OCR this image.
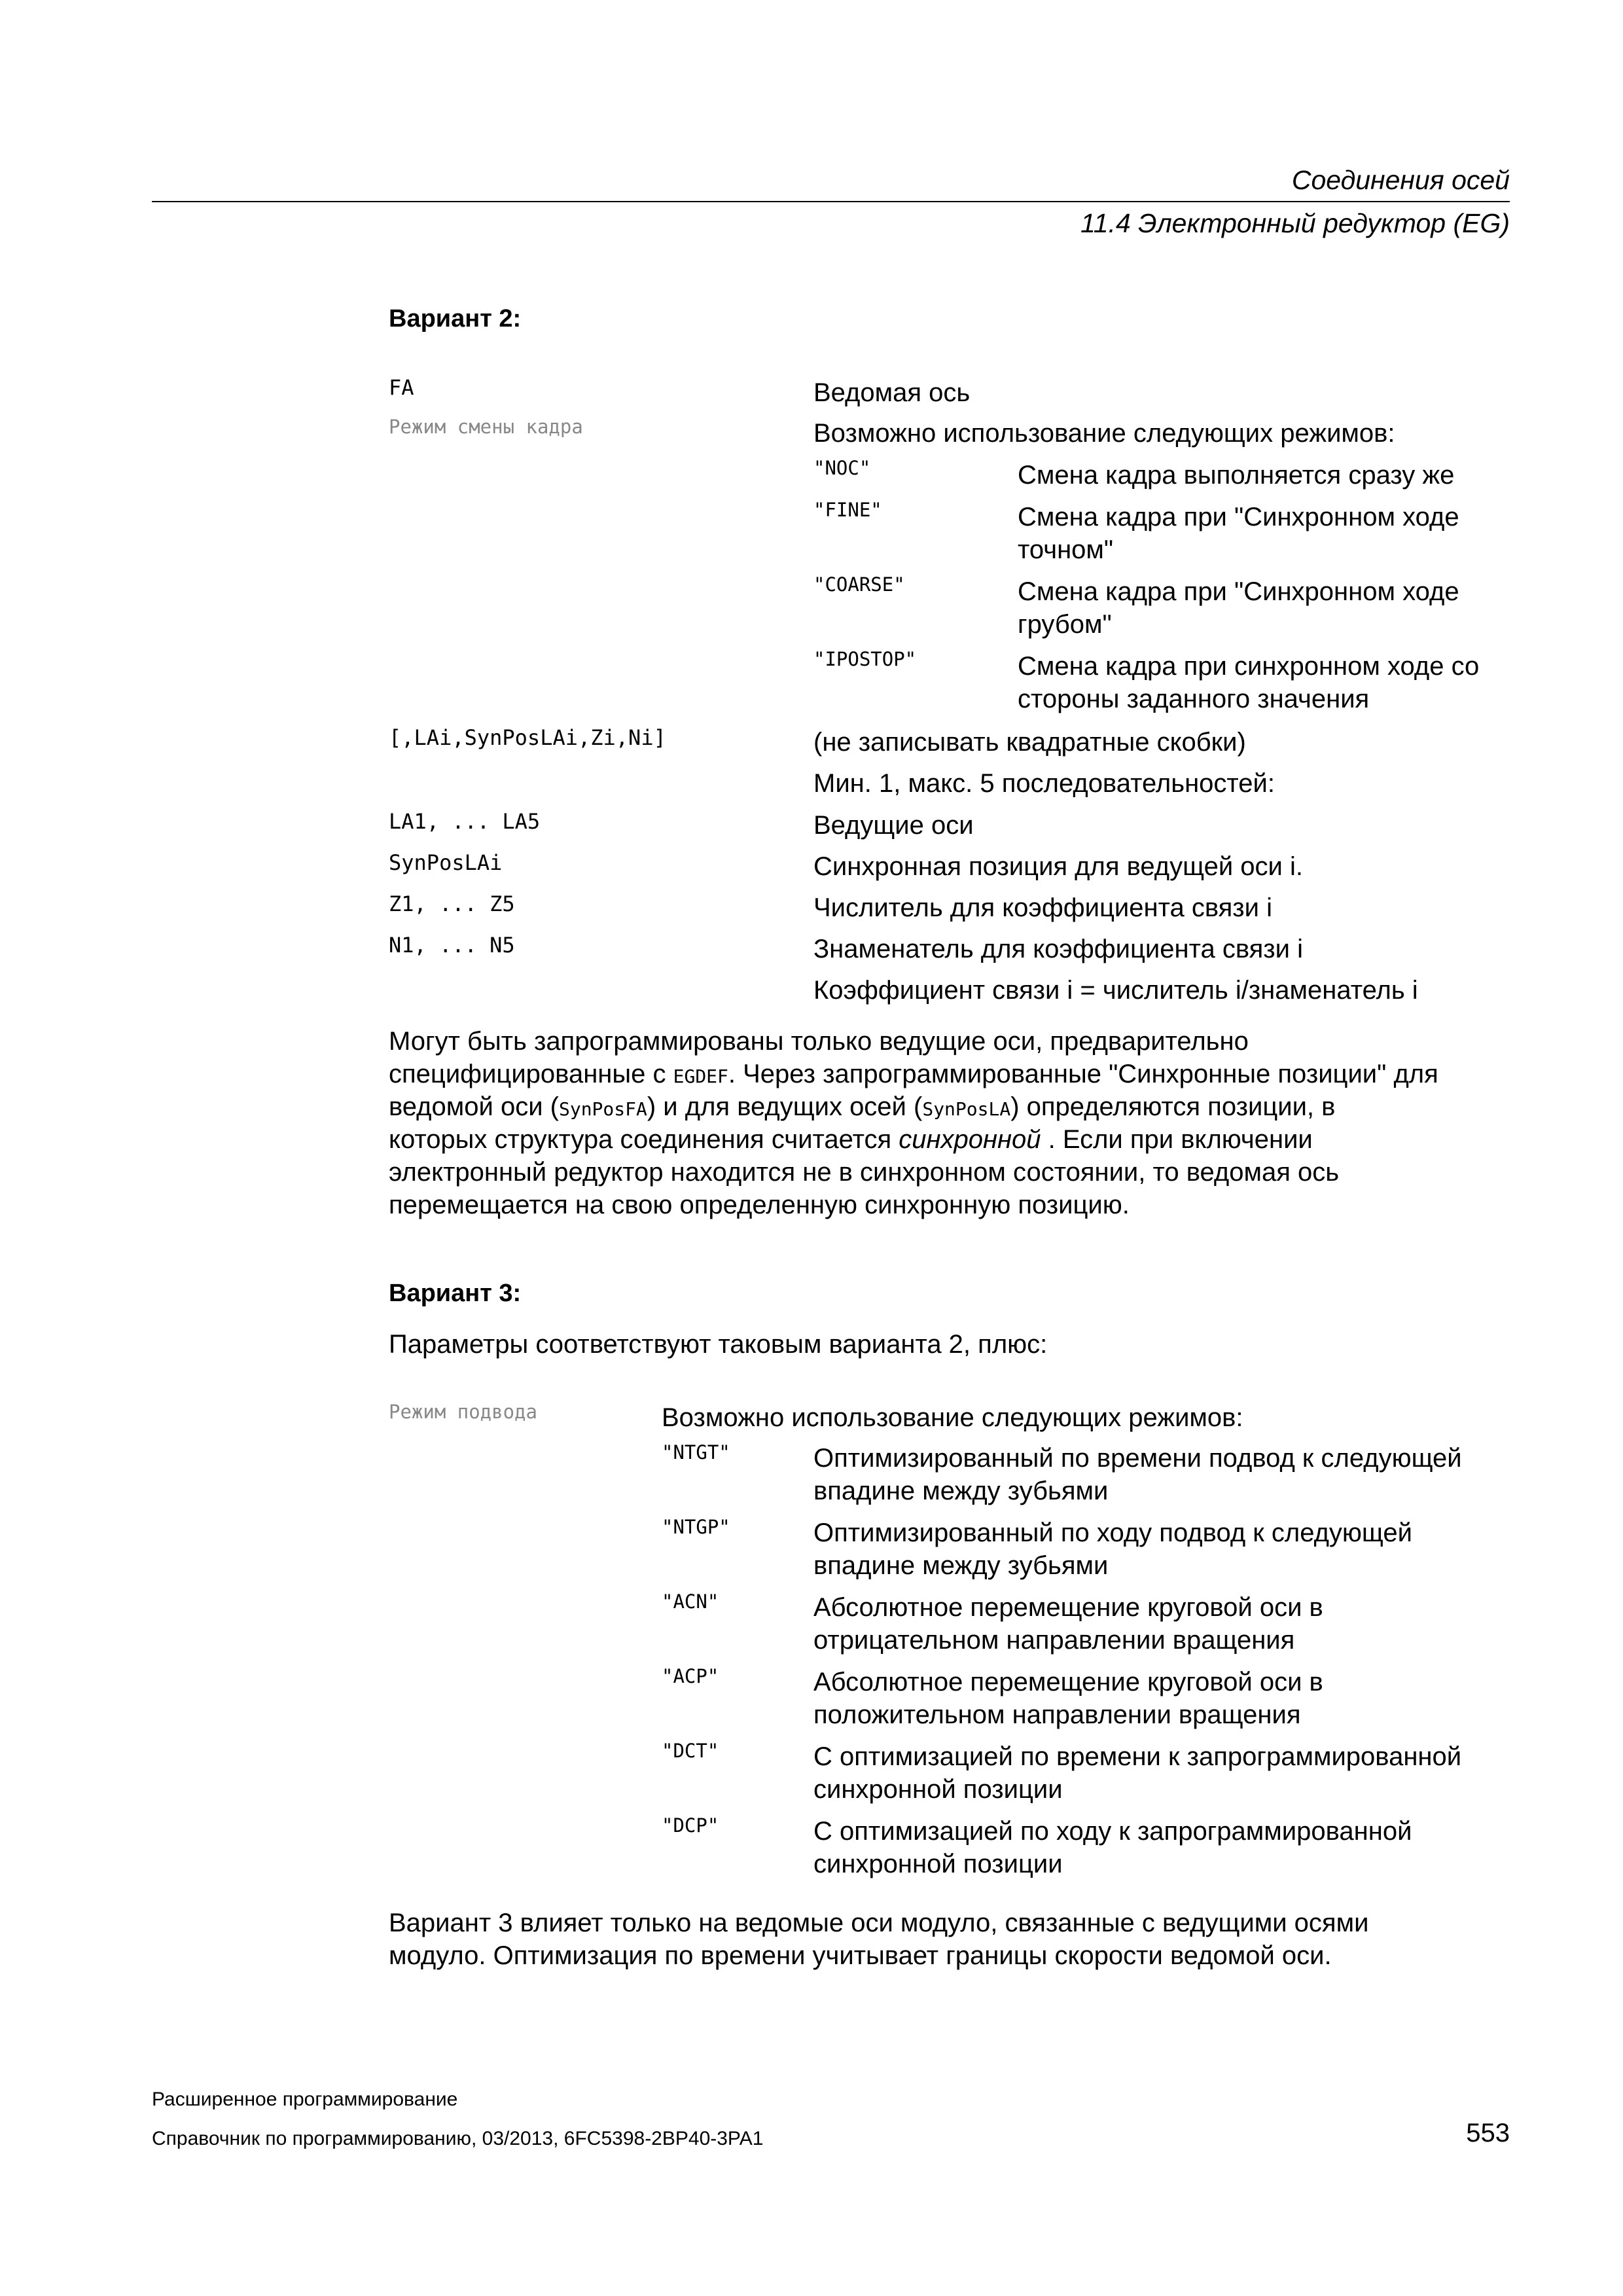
Соединения осей
11.4 Электронный редуктор (EG)
Вариант 2:
FA	Ведомая ось
Режим смены кадра	Возможно использование следующих режимов:
"NOC"	Смена кадра выполняется сразу же
"FINE"	Смена кадра при "Синхронном ходе
точном"
"COARSE"	Смена кадра при "Синхронном ходе
грубом"
"IPOSTOP"	Смена кадра при синхронном ходе со
стороны заданного значения
[,LAi,SynPosLAi,Zi,Ni]	(не записывать квадратные скобки)
Мин. 1, макс. 5 последовательностей:
LA1, ... LA5	Ведущие оси
SynPosLAi	Синхронная позиция для ведущей оси i.
Z1, ... Z5	Числитель для коэффициента связи i
N1, ... N5	Знаменатель для коэффициента связи i
Коэффициент связи i = числитель i/знаменатель i
Могут быть запрограммированы только ведущие оси, предварительно
специфицированные с EGDEF. Через запрограммированные "Синхронные позиции" для
ведомой оси (SynPosFA) и для ведущих осей (SynPosLA) определяются позиции, в
которых структура соединения считается синхронной . Если при включении
электронный редуктор находится не в синхронном состоянии, то ведомая ось
перемещается на свою определенную синхронную позицию.
Вариант 3:
Параметры соответствуют таковым варианта 2, плюс:
Режим подвода	Возможно использование следующих режимов:
"NTGT"	Оптимизированный по времени подвод к следующей
впадине между зубьями
"NTGP"	Оптимизированный по ходу подвод к следующей
впадине между зубьями
"ACN"	Абсолютное перемещение круговой оси в
отрицательном направлении вращения
"ACP"	Абсолютное перемещение круговой оси в
положительном направлении вращения
"DCT"	С оптимизацией по времени к запрограммированной
синхронной позиции
"DCP"	С оптимизацией по ходу к запрограммированной
синхронной позиции
Вариант 3 влияет только на ведомые оси модуло, связанные с ведущими осями
модуло. Оптимизация по времени учитывает границы скорости ведомой оси.
Расширенное программирование
Справочник по программированию, 03/2013, 6FC5398-2BP40-3PA1	553
